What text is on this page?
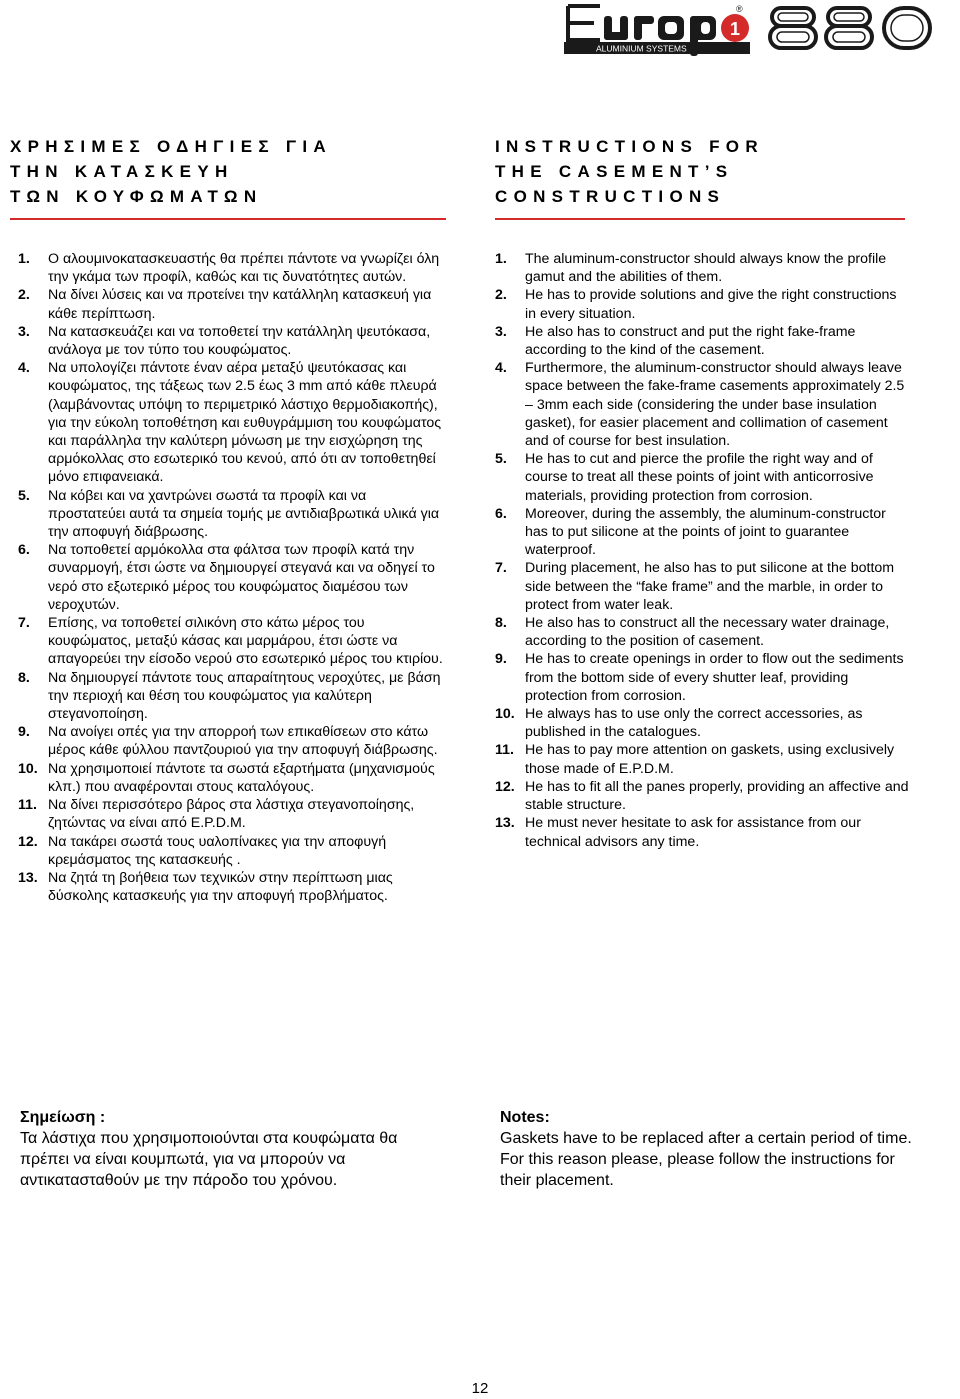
1
®
ALUMINIUM SYSTEMS
ΧΡΗΣΙΜΕΣ ΟΔΗΓΙΕΣ ΓΙΑ
ΤΗΝ ΚΑΤΑΣΚΕΥΗ
ΤΩΝ ΚΟΥΦΩΜΑΤΩΝ
INSTRUCTIONS FOR
THE CASEMENT’S
CONSTRUCTIONS
1. Ο αλουμινοκατασκευαστής θα πρέπει πάντοτε να γνωρίζει όλη την γκάμα των προφίλ, καθώς και τις δυνατότητες αυτών.
2. Να δίνει λύσεις και να προτείνει την κατάλληλη κατασκευή για κάθε περίπτωση.
3. Να κατασκευάζει και να τοποθετεί την κατάλληλη ψευτόκασα, ανάλογα με τον τύπο του κουφώματος.
4. Να υπολογίζει πάντοτε έναν αέρα μεταξύ ψευτόκασας και κουφώματος, της τάξεως των 2.5 έως 3 mm από κάθε πλευρά (λαμβάνοντας υπόψη το περιμετρικό λάστιχο θερμοδιακοπής), για την εύκολη τοποθέτηση και ευθυγράμμιση του κουφώματος και παράλληλα την καλύτερη μόνωση με την εισχώρηση της αρμόκολλας στο εσωτερικό του κενού, από ότι αν τοποθετηθεί μόνο επιφανειακά.
5. Να κόβει και να χαντρώνει σωστά τα προφίλ και να προστατεύει αυτά τα σημεία τομής με αντιδιαβρωτικά υλικά για την αποφυγή διάβρωσης.
6. Να τοποθετεί αρμόκολλα στα φάλτσα των προφίλ κατά την συναρμογή, έτσι ώστε να δημιουργεί στεγανά και να οδηγεί το νερό στο εξωτερικό μέρος του κουφώματος διαμέσου των νεροχυτών.
7. Επίσης, να τοποθετεί σιλικόνη στο κάτω μέρος του κουφώματος, μεταξύ κάσας και μαρμάρου, έτσι ώστε να απαγορεύει την είσοδο νερού στο εσωτερικό μέρος του κτιρίου.
8. Να δημιουργεί πάντοτε τους απαραίτητους νεροχύτες, με βάση την περιοχή και θέση του κουφώματος για καλύτερη στεγανοποίηση.
9. Να ανοίγει οπές για την απορροή των επικαθίσεων στο κάτω μέρος κάθε φύλλου παντζουριού για την αποφυγή διάβρωσης.
10. Να χρησιμοποιεί πάντοτε τα σωστά εξαρτήματα (μηχανισμούς κλπ.) που αναφέρονται στους καταλόγους.
11. Να δίνει περισσότερο βάρος στα λάστιχα στεγανοποίησης, ζητώντας να είναι από E.P.D.M.
12. Να τακάρει σωστά τους υαλοπίνακες για την αποφυγή κρεμάσματος της κατασκευής .
13. Να ζητά τη βοήθεια των τεχνικών στην περίπτωση μιας δύσκολης κατασκευής για την αποφυγή προβλήματος.
1. The aluminum-constructor should always know the profile gamut and the abilities of them.
2. He has to provide solutions and give the right constructions in every situation.
3. He also has to construct and put the right fake-frame according to the kind of the casement.
4. Furthermore, the aluminum-constructor should always leave space between the fake-frame casements approximately 2.5 – 3mm each side (considering the under base insulation gasket), for easier placement and collimation of casement and of course for best insulation.
5. He has to cut and pierce the profile the right way and of course to treat all these points of joint with anticorrosive materials, providing protection from corrosion.
6. Moreover, during the assembly, the aluminum-constructor has to put silicone at the points of joint to guarantee waterproof.
7. During placement, he also has to put silicone at the bottom side between the “fake frame” and the marble, in order to protect from water leak.
8. He also has to construct all the necessary water drainage, according to the position of casement.
9. He has to create openings in order to flow out the sediments from the bottom side of every shutter leaf, providing protection from corrosion.
10. He always has to use only the correct accessories, as published in the catalogues.
11. He has to pay more attention on gaskets, using exclusively those made of E.P.D.M.
12. He has to fit all the panes properly, providing an affective and stable structure.
13. He must never hesitate to ask for assistance from our technical advisors any time.
Σημείωση :
Τα λάστιχα που χρησιμοποιούνται στα κουφώματα θα πρέπει να είναι κουμπωτά, για να μπορούν να αντικατασταθούν με την πάροδο του χρόνου.
Notes:
Gaskets have to be replaced after a certain period of time. For this reason please, please follow the instructions for their placement.
12
